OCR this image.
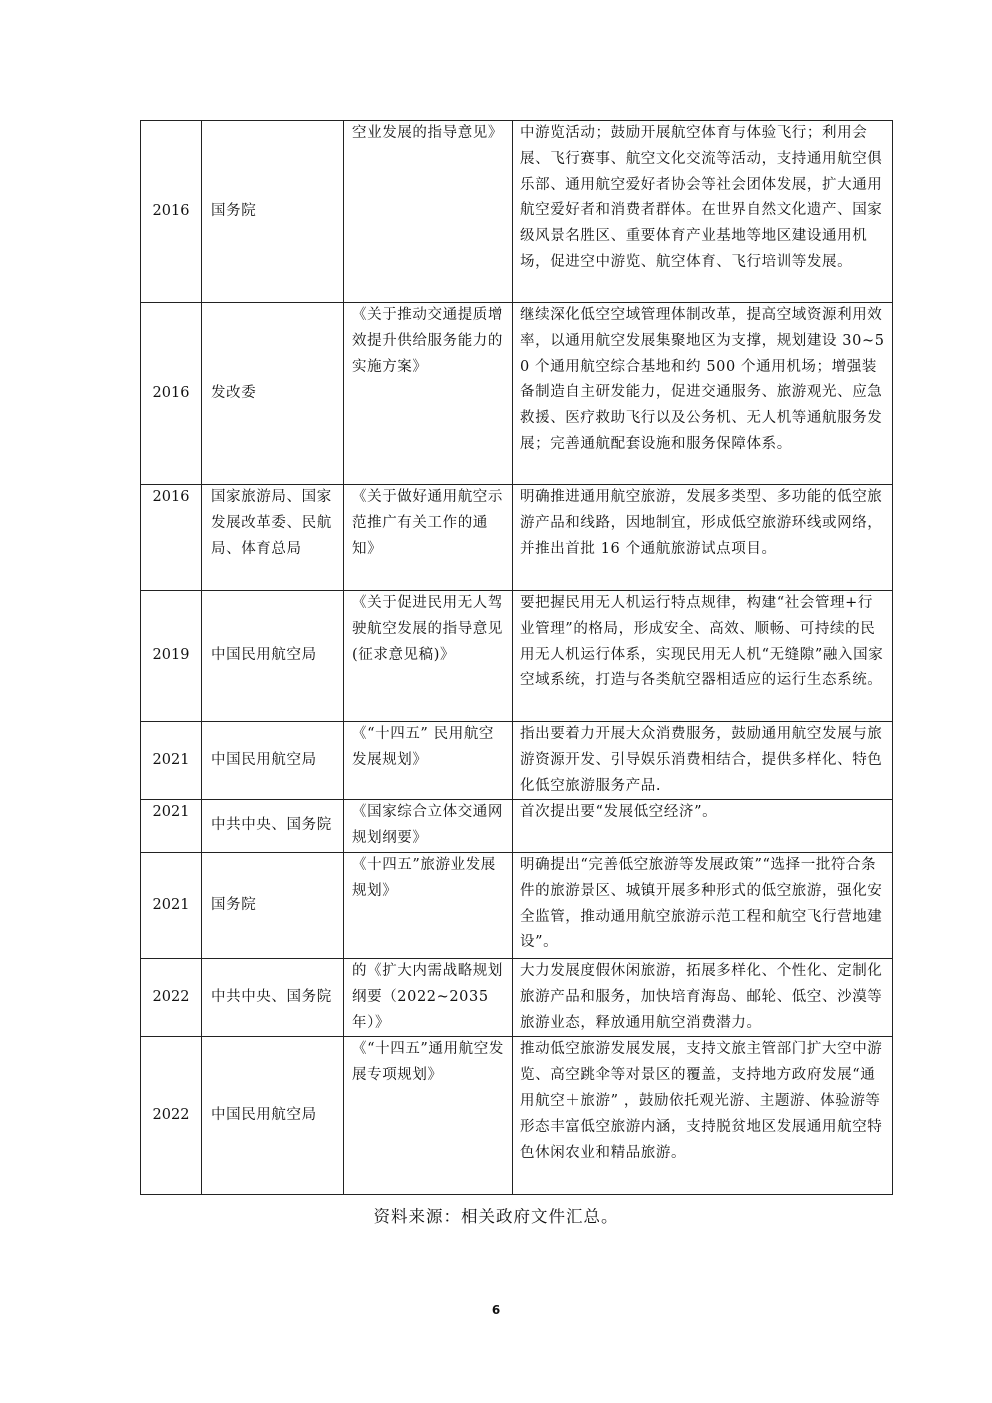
2016	国务院	空业发展的指导意见》	中游览活动；鼓励开展航空体育与体验飞行；利用会展、飞行赛事、航空文化交流等活动，支持通用航空俱乐部、通用航空爱好者协会等社会团体发展，扩大通用航空爱好者和消费者群体。在世界自然文化遗产、国家级风景名胜区、重要体育产业基地等地区建设通用机场，促进空中游览、航空体育、飞行培训等发展。
2016	发改委	《关于推动交通提质增效提升供给服务能力的实施方案》	继续深化低空空域管理体制改革，提高空域资源利用效率，以通用航空发展集聚地区为支撑，规划建设 30~50 个通用航空综合基地和约 500 个通用机场；增强装备制造自主研发能力，促进交通服务、旅游观光、应急救援、医疗救助飞行以及公务机、无人机等通航服务发展；完善通航配套设施和服务保障体系。
2016	国家旅游局、国家发展改革委、民航局、体育总局	《关于做好通用航空示范推广有关工作的通知》	明确推进通用航空旅游，发展多类型、多功能的低空旅游产品和线路，因地制宜，形成低空旅游环线或网络，并推出首批 16 个通航旅游试点项目。
2019	中国民用航空局	《关于促进民用无人驾驶航空发展的指导意见(征求意见稿)》	要把握民用无人机运行特点规律，构建“社会管理+行业管理”的格局，形成安全、高效、顺畅、可持续的民用无人机运行体系，实现民用无人机“无缝隙”融入国家空域系统，打造与各类航空器相适应的运行生态系统。
2021	中国民用航空局	《“十四五” 民用航空发展规划》	指出要着力开展大众消费服务，鼓励通用航空发展与旅游资源开发、引导娱乐消费相结合，提供多样化、特色化低空旅游服务产品.
2021	中共中央、国务院	《国家综合立体交通网规划纲要》	首次提出要“发展低空经济”。
2021	国务院	《十四五”旅游业发展规划》	明确提出“完善低空旅游等发展政策”“选择一批符合条件的旅游景区、城镇开展多种形式的低空旅游，强化安全监管，推动通用航空旅游示范工程和航空飞行营地建设”。
2022	中共中央、国务院	的《扩大内需战略规划纲要（2022~2035年）》	大力发展度假休闲旅游，拓展多样化、个性化、定制化旅游产品和服务，加快培育海岛、邮轮、低空、沙漠等旅游业态，释放通用航空消费潜力。
2022	中国民用航空局	《“十四五”通用航空发展专项规划》	推动低空旅游发展发展，支持文旅主管部门扩大空中游览、高空跳伞等对景区的覆盖，支持地方政府发展“通用航空＋旅游” ，鼓励依托观光游、主题游、体验游等形态丰富低空旅游内涵，支持脱贫地区发展通用航空特色休闲农业和精品旅游。
资料来源：相关政府文件汇总。
6
